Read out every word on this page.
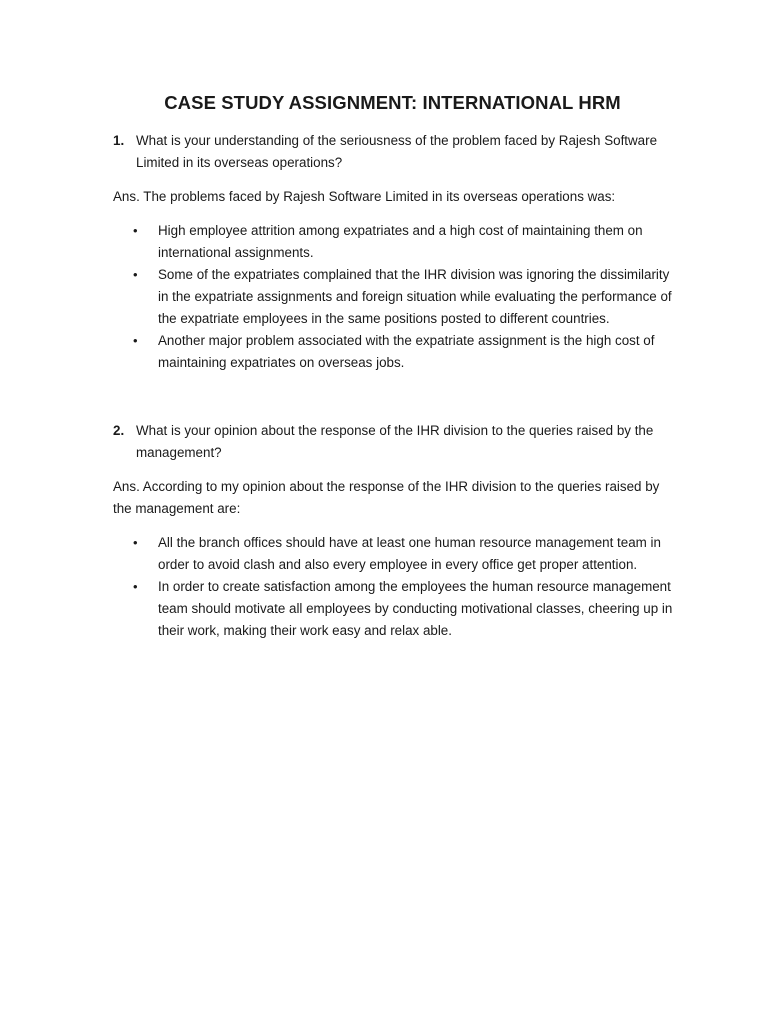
CASE STUDY ASSIGNMENT: INTERNATIONAL HRM
1. What is your understanding of the seriousness of the problem faced by Rajesh Software Limited in its overseas operations?

Ans. The problems faced by Rajesh Software Limited in its overseas operations was:

•	High employee attrition among expatriates and a high cost of maintaining them on international assignments.
•	Some of the expatriates complained that the IHR division was ignoring the dissimilarity in the expatriate assignments and foreign situation while evaluating the performance of the expatriate employees in the same positions posted to different countries.
•	Another major problem associated with the expatriate assignment is the high cost of maintaining expatriates on overseas jobs.
2. What is your opinion about the response of the IHR division to the queries raised by the management?

Ans. According to my opinion about the response of the IHR division to the queries raised by the management are:

•	All the branch offices should have at least one human resource management team in order to avoid clash and also every employee in every office get proper attention.
•	In order to create satisfaction among the employees the human resource management team should motivate all employees by conducting motivational classes, cheering up in their work, making their work easy and relax able.
